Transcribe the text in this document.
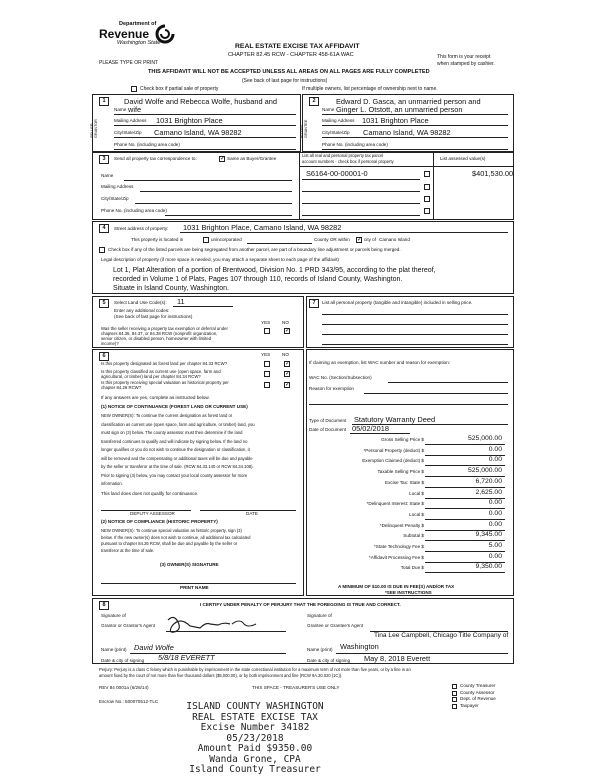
Department of
Revenue
Washington State
PLEASE TYPE OR PRINT
REAL ESTATE EXCISE TAX AFFIDAVIT
CHAPTER 82.45 RCW - CHAPTER 458-61A WAC	This form is your receipt
when stamped by cashier.
THIS AFFIDAVIT WILL NOT BE ACCEPTED UNLESS ALL AREAS ON ALL PAGES ARE FULLY COMPLETED
(See back of last page for instructions)
Check box if partial sale of property	If multiple owners, list percentage of ownership next to name.
1	2
SELLER GRANTOR	BUYER GRANTEE
David Wolfe and Rebecca Wolfe, husband and
Name wife
Mailing Address 1031 Brighton Place
City/State/Zip Camano Island, WA 98282
Phone No. (including area code)
Edward D. Gasca, an unmarried person and
Name Ginger L. Otstott, an unmarried person
Mailing Address 1031 Brighton Place
City/State/Zip Camano Island, WA 98282
Phone No. (including area code)
3	Send all property tax correspondence to:	✓ Same as Buyer/Grantee
List all real and personal property tax parcel
account numbers - check box if personal property
List assessed value(s)
Name
Mailing Address
City/State/Zip
Phone No. (including area code)
S6164-00-00001-0	$401,530.00
4	Street address of property: 1031 Brighton Place, Camano Island, WA 98282
This property is located in	unincorporated	County OR within ✓ city of Camano Island
Check box if any of the listed parcels are being segregated from another parcel, are part of a boundary line adjustment or parcels being merged.
Legal description of property (if more space is needed, you may attach a separate sheet to each page of the affidavit)
Lot 1, Plat Alteration of a portion of Brentwood, Division No. 1 PRD 343/95, according to the plat thereof,
recorded in Volume 1 of Plats, Pages 107 through 110, records of Island County, Washington.
Situate in Island County, Washington.
5	Select Land Use Code(s): 11
Enter any additional codes:
(See back of last page for instructions)
YES	NO
Was the seller receiving a property tax exemption or deferral under
chapters 84.36, 84.37, or 84.38 RCW (nonprofit organization,
senior citizen, or disabled person, homeowner with limited
income)?
✓
7	List all personal property (tangible and intangible) included in selling price.
6	YES	NO
Is this property designated as forest land per chapter 84.33 RCW?	✓
Is this property classified as current use (open space, farm and
agricultural, or timber) land per chapter 84.34 RCW?	✓
Is this property receiving special valuation as historical property per
chapter 84.26 RCW?	✓
If any answers are yes, complete as instructed below.
(1) NOTICE OF CONTINUANCE (FOREST LAND OR CURRENT USE)
NEW OWNER(S): To continue the current designation as forest land or
classification as current use (open space, farm and agriculture, or timber) land, you
must sign on (3) below. The county assessor must then determine if the land
transferred continues to qualify and will indicate by signing below. If the land no
longer qualifies or you do not wish to continue the designation or classification, it
will be removed and the compensating or additional taxes will be due and payable
by the seller or transferor at the time of sale. (RCW 84.33.140 or RCW 84.34.108).
Prior to signing (3) below, you may contact your local county assessor for more
information.
This land does does not qualify for continuance.
DEPUTY ASSESSOR	DATE
(2) NOTICE OF COMPLIANCE (HISTORIC PROPERTY)
NEW OWNER(S): To continue special valuation as historic property, sign (3)
below. If the new owner(s) does not wish to continue, all additional tax calculated
pursuant to chapter 84.26 RCW, shall be due and payable by the seller or
transferor at the time of sale.
(3) OWNER(S) SIGNATURE
PRINT NAME
If claiming an exemption, list WAC number and reason for exemption:
WAC No. (Section/Subsection)
Reason for exemption
Type of Document Statutory Warranty Deed
Date of Document 05/02/2018
Gross Selling Price $	525,000.00
*Personal Property (deduct) $	0.00
Exemption Claimed (deduct) $	0.00
Taxable Selling Price $	525,000.00
Excise Tax: State $	6,720.00
Local $	2,625.00
*Delinquent Interest: State $	0.00
Local $	0.00
*Delinquent Penalty $	0.00
Subtotal $	9,345.00
*State Technology Fee $	5.00
*Affidavit Processing Fee $	0.00
Total Due $	9,350.00
A MINIMUM OF $10.00 IS DUE IN FEE(S) AND/OR TAX
*SEE INSTRUCTIONS
8	I CERTIFY UNDER PENALTY OF PERJURY THAT THE FOREGOING IS TRUE AND CORRECT.
Signature of
Grantor or Grantor's Agent
Signature of
Grantee or Grantee's Agent
Tina Lee Campbell, Chicago Title Company of
Name (print) David Wolfe	Name (print) Washington
Date & city of signing 5/8/18 EVERETT	Date & city of signing May 8, 2018 Everett
Perjury: Perjury is a class C felony which is punishable by imprisonment in the state correctional institution for a maximum term of not more than five years, or by a fine in an
amount fixed by the court of not more than five thousand dollars ($5,000.00), or by both imprisonment and fine (RCW 9A.20.020 (1C)).
REV 84 0001a (6/26/14)	THIS SPACE - TREASURER'S USE ONLY
Escrow No.: 500070512-TLC
County Treasurer
County Assessor
Dept. of Revenue
Taxpayer
ISLAND COUNTY WASHINGTON
REAL ESTATE EXCISE TAX
Excise Number 34182
05/23/2018
Amount Paid $9350.00
Wanda Grone, CPA
Island County Treasurer
